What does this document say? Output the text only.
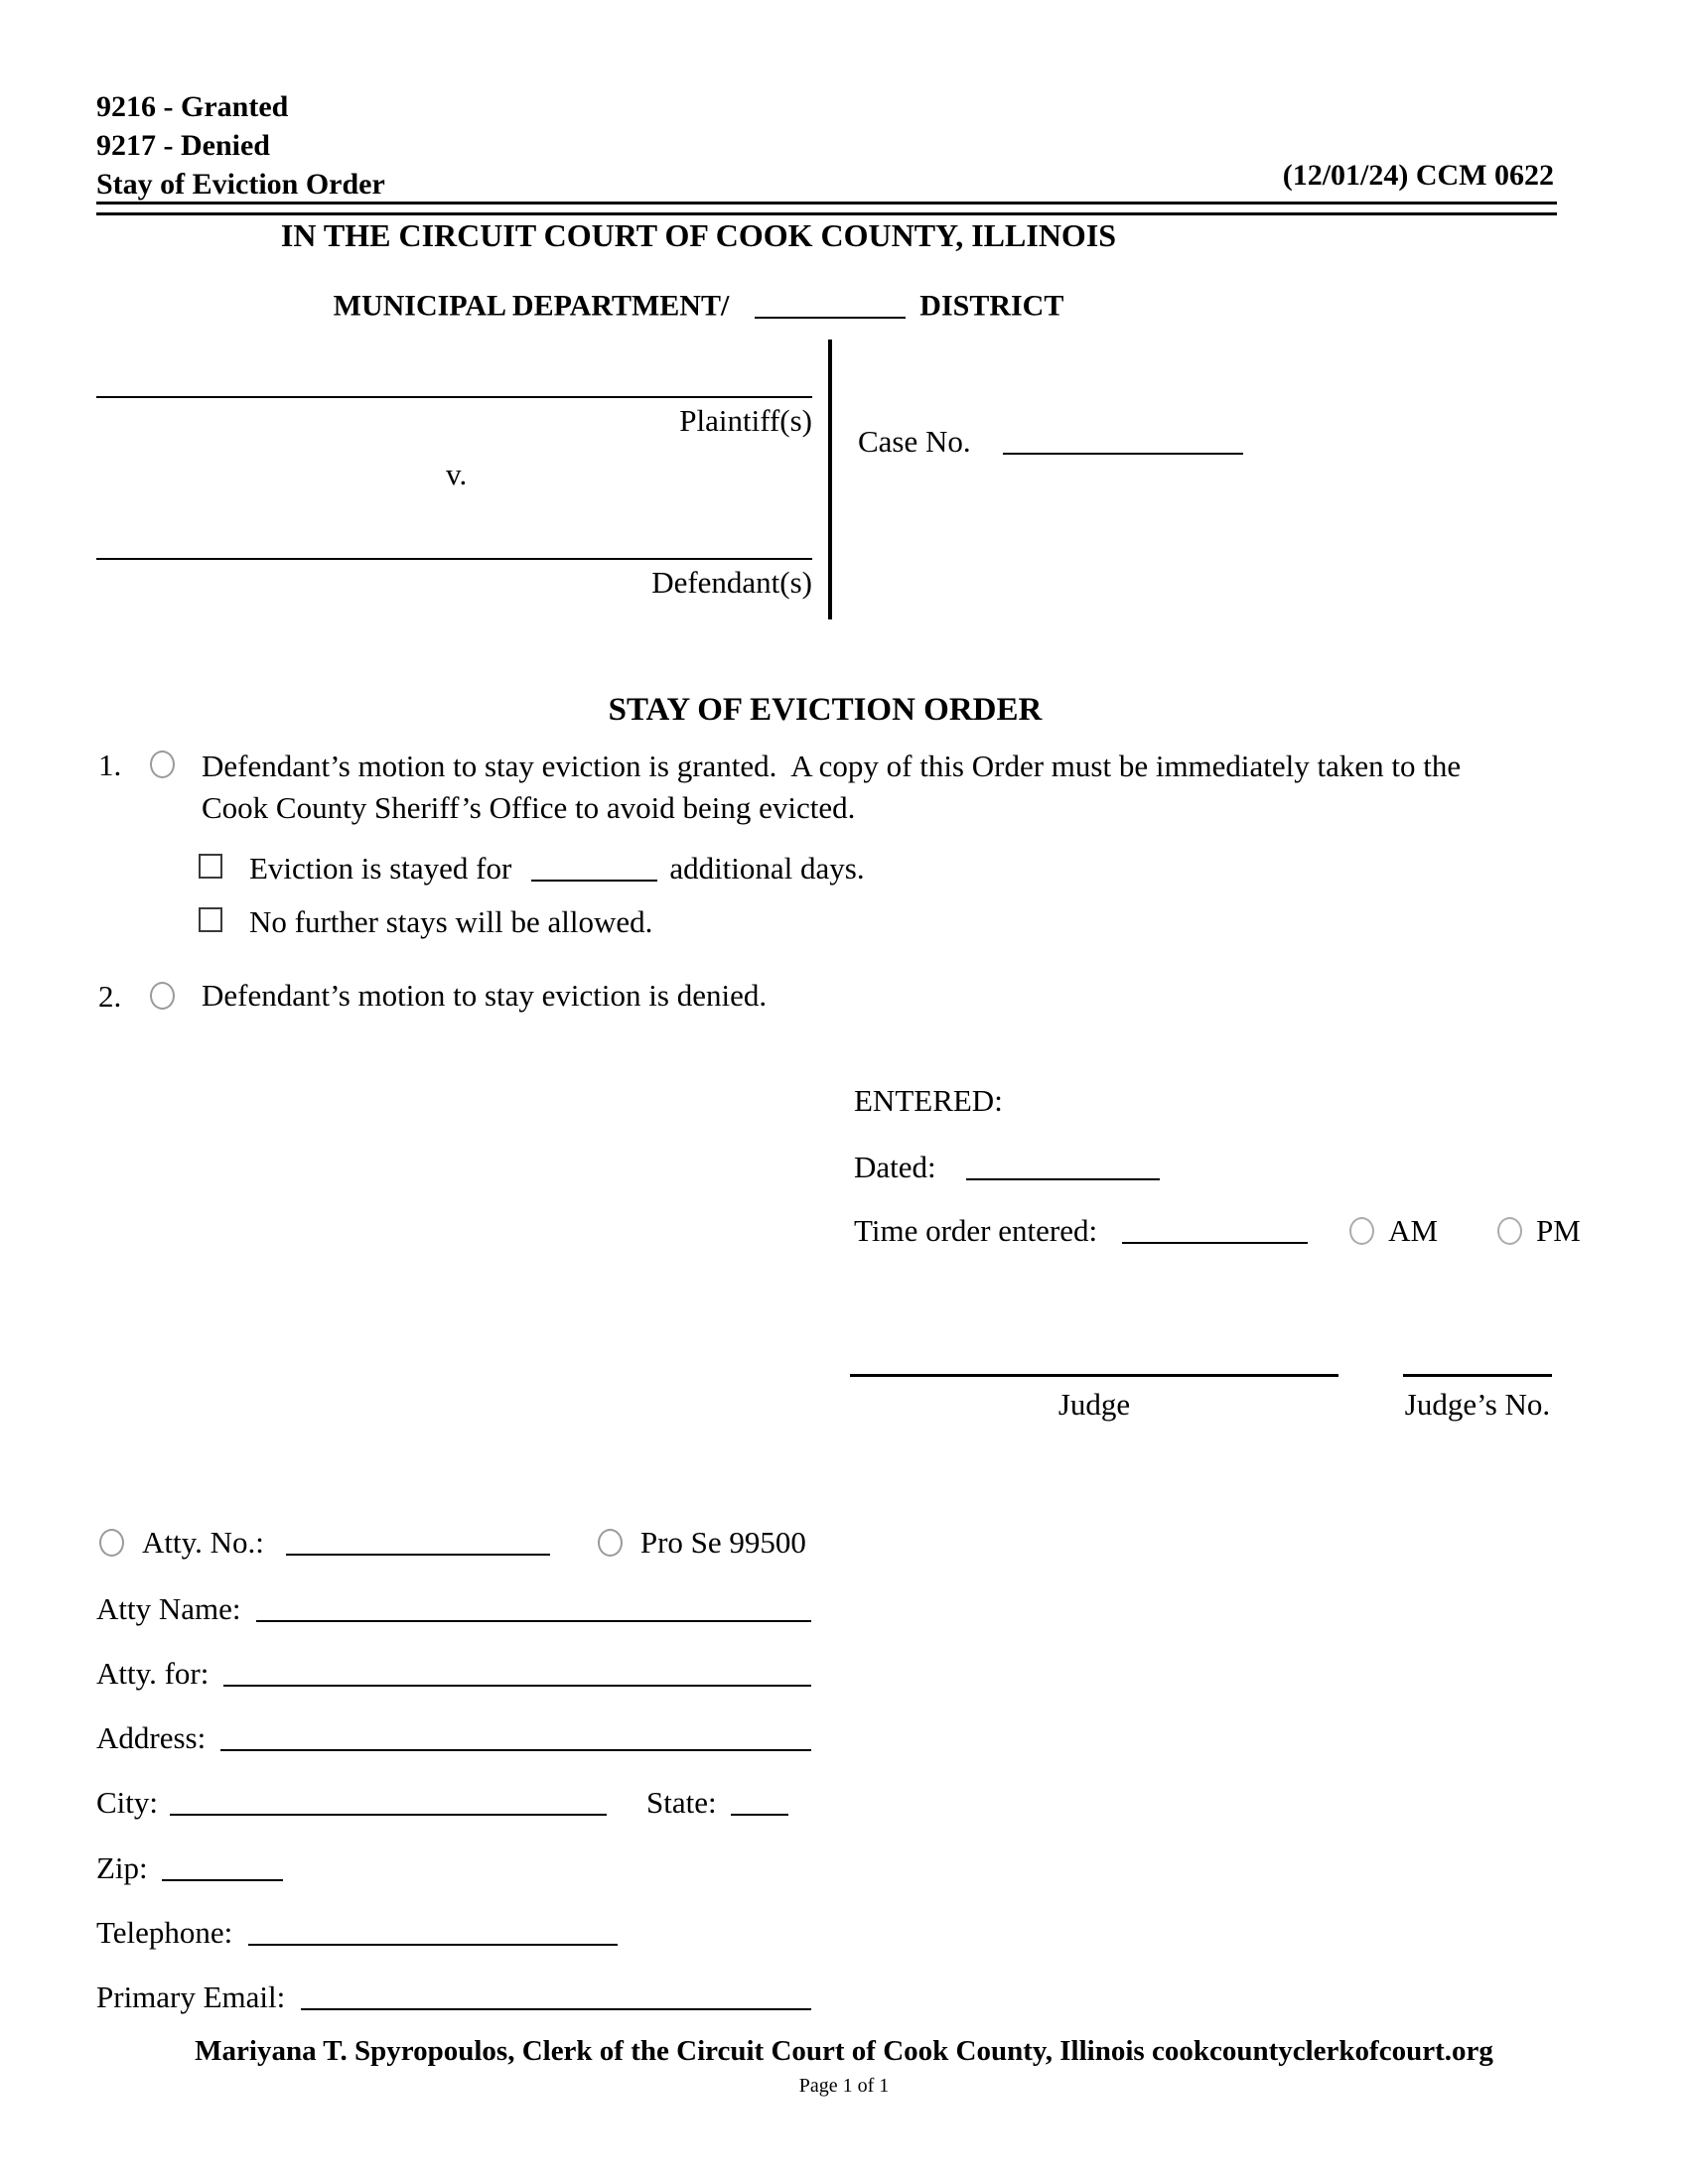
9216 - Granted
9217 - Denied
Stay of Eviction Order	(12/01/24) CCM 0622
IN THE CIRCUIT COURT OF COOK COUNTY, ILLINOIS
MUNICIPAL DEPARTMENT/	DISTRICT
Plaintiff(s)
v.
Defendant(s)
Case No.
STAY OF EVICTION ORDER
1.	Defendant’s motion to stay eviction is granted.  A copy of this Order must be immediately taken to the Cook County Sheriff’s Office to avoid being evicted.
Eviction is stayed for	additional days.
No further stays will be allowed.
2.	Defendant’s motion to stay eviction is denied.
ENTERED:
Dated:
Time order entered:	AM	PM
Judge	Judge’s No.
Atty. No.:	Pro Se 99500
Atty Name:
Atty. for:
Address:
City:	State:
Zip:
Telephone:
Primary Email:
Mariyana T. Spyropoulos, Clerk of the Circuit Court of Cook County, Illinois cookcountyclerkofcourt.org
Page 1 of 1
